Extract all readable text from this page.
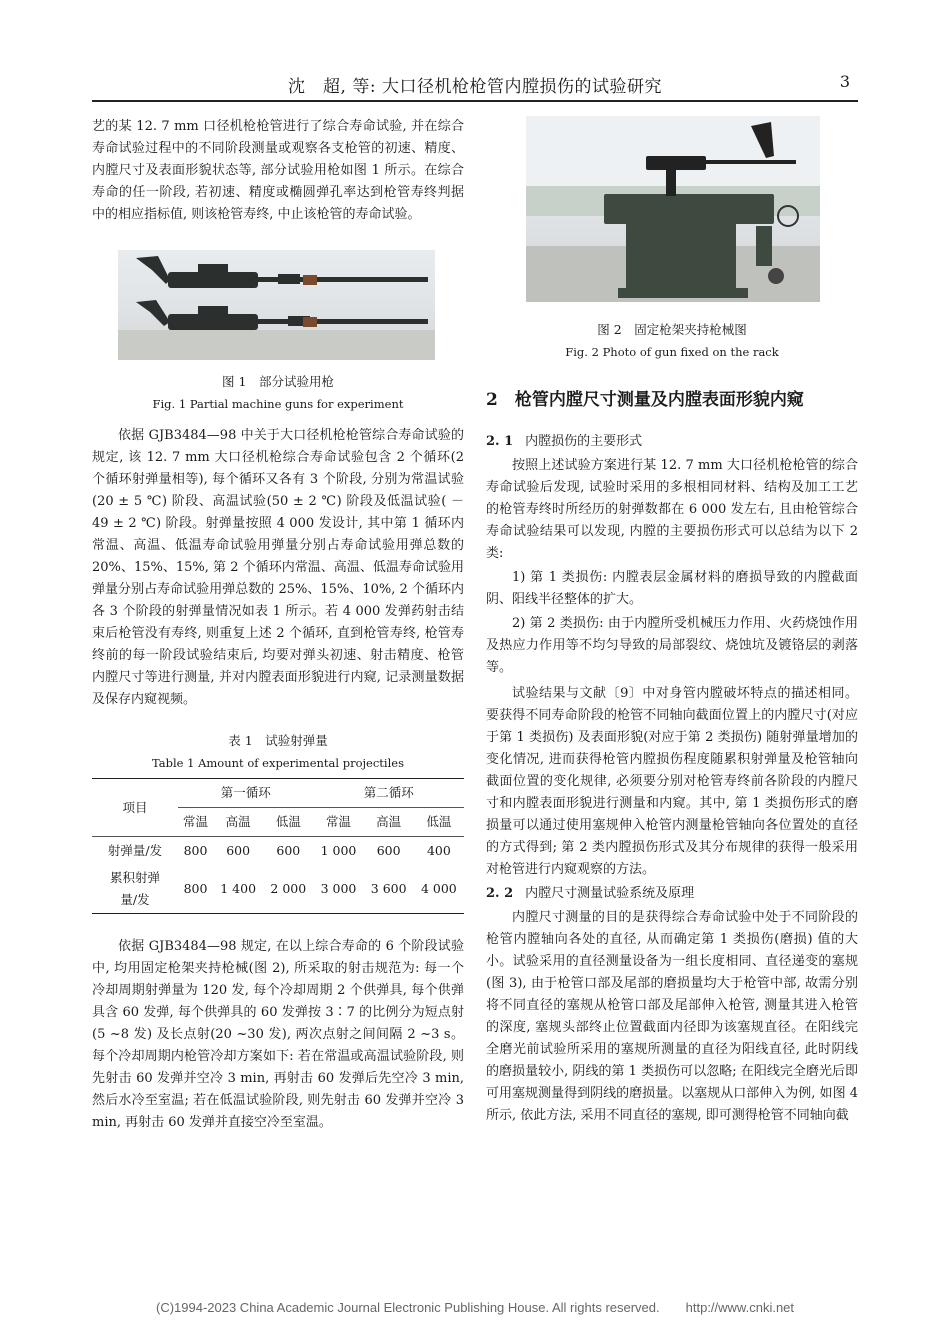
沈　超, 等: 大口径机枪枪管内膛损伤的试验研究	3

艺的某 12. 7 mm 口径机枪枪管进行了综合寿命试验, 并在综合寿命试验过程中的不同阶段测量或观察各支枪管的初速、精度、内膛尺寸及表面形貌状态等, 部分试验用枪如图 1 所示。在综合寿命的任一阶段, 若初速、精度或椭圆弹孔率达到枪管寿终判据中的相应指标值, 则该枪管寿终, 中止该枪管的寿命试验。

图 1　部分试验用枪
Fig. 1 Partial machine guns for experiment

依据 GJB3484—98 中关于大口径机枪枪管综合寿命试验的规定, 该 12. 7 mm 大口径机枪综合寿命试验包含 2 个循环(2 个循环射弹量相等), 每个循环又各有 3 个阶段, 分别为常温试验(20 ± 5 ℃) 阶段、高温试验(50 ± 2 ℃) 阶段及低温试验( －49 ± 2 ℃) 阶段。射弹量按照 4 000 发设计, 其中第 1 循环内常温、高温、低温寿命试验用弹量分别占寿命试验用弹总数的 20%、15%、15%, 第 2 个循环内常温、高温、低温寿命试验用弹量分别占寿命试验用弹总数的 25%、15%、10%, 2 个循环内各 3 个阶段的射弹量情况如表 1 所示。若 4 000 发弹药射击结束后枪管没有寿终, 则重复上述 2 个循环, 直到枪管寿终, 枪管寿终前的每一阶段试验结束后, 均要对弹头初速、射击精度、枪管内膛尺寸等进行测量, 并对内膛表面形貌进行内窥, 记录测量数据及保存内窥视频。

表 1　试验射弹量
Table 1 Amount of experimental projectiles
项目	第一循环			第二循环		
	常温	高温	低温	常温	高温	低温
射弹量/发	800	600	600	1 000	600	400
累积射弹
量/发	800	1 400	2 000	3 000	3 600	4 000

依据 GJB3484—98 规定, 在以上综合寿命的 6 个阶段试验中, 均用固定枪架夹持枪械(图 2), 所采取的射击规范为: 每一个冷却周期射弹量为 120 发, 每个冷却周期 2 个供弹具, 每个供弹具含 60 发弹, 每个供弹具的 60 发弹按 3∶7 的比例分为短点射(5 ~8 发) 及长点射(20 ~30 发), 两次点射之间间隔 2 ~3 s。每个冷却周期内枪管冷却方案如下: 若在常温或高温试验阶段, 则先射击 60 发弹并空冷 3 min, 再射击 60 发弹后先空冷 3 min, 然后水冷至室温; 若在低温试验阶段, 则先射击 60 发弹并空冷 3 min, 再射击 60 发弹并直接空冷至室温。

图 2　固定枪架夹持枪械图
Fig. 2 Photo of gun fixed on the rack
2　枪管内膛尺寸测量及内膛表面形貌内窥
2. 1 内膛损伤的主要形式

按照上述试验方案进行某 12. 7 mm 大口径机枪枪管的综合寿命试验后发现, 试验时采用的多根相同材料、结构及加工工艺的枪管寿终时所经历的射弹数都在 6 000 发左右, 且由枪管综合寿命试验结果可以发现, 内膛的主要损伤形式可以总结为以下 2 类:

1) 第 1 类损伤: 内膛表层金属材料的磨损导致的内膛截面阴、阳线半径整体的扩大。

2) 第 2 类损伤: 由于内膛所受机械压力作用、火药烧蚀作用及热应力作用等不均匀导致的局部裂纹、烧蚀坑及镀铬层的剥落等。

试验结果与文献〔9〕中对身管内膛破坏特点的描述相同。要获得不同寿命阶段的枪管不同轴向截面位置上的内膛尺寸(对应于第 1 类损伤) 及表面形貌(对应于第 2 类损伤) 随射弹量增加的变化情况, 进而获得枪管内膛损伤程度随累积射弹量及枪管轴向截面位置的变化规律, 必须要分别对枪管寿终前各阶段的内膛尺寸和内膛表面形貌进行测量和内窥。其中, 第 1 类损伤形式的磨损量可以通过使用塞规伸入枪管内测量枪管轴向各位置处的直径的方式得到; 第 2 类内膛损伤形式及其分布规律的获得一般采用对枪管进行内窥观察的方法。

2. 2 内膛尺寸测量试验系统及原理

内膛尺寸测量的目的是获得综合寿命试验中处于不同阶段的枪管内膛轴向各处的直径, 从而确定第 1 类损伤(磨损) 值的大小。试验采用的直径测量设备为一组长度相同、直径递变的塞规(图 3), 由于枪管口部及尾部的磨损量均大于枪管中部, 故需分别将不同直径的塞规从枪管口部及尾部伸入枪管, 测量其进入枪管的深度, 塞规头部终止位置截面内径即为该塞规直径。在阳线完全磨光前试验所采用的塞规所测量的直径为阳线直径, 此时阴线的磨损量较小, 阴线的第 1 类损伤可以忽略; 在阳线完全磨光后即可用塞规测量得到阴线的磨损量。以塞规从口部伸入为例, 如图 4 所示, 依此方法, 采用不同直径的塞规, 即可测得枪管不同轴向截

(C)1994-2023 China Academic Journal Electronic Publishing House. All rights reserved.　　http://www.cnki.net
